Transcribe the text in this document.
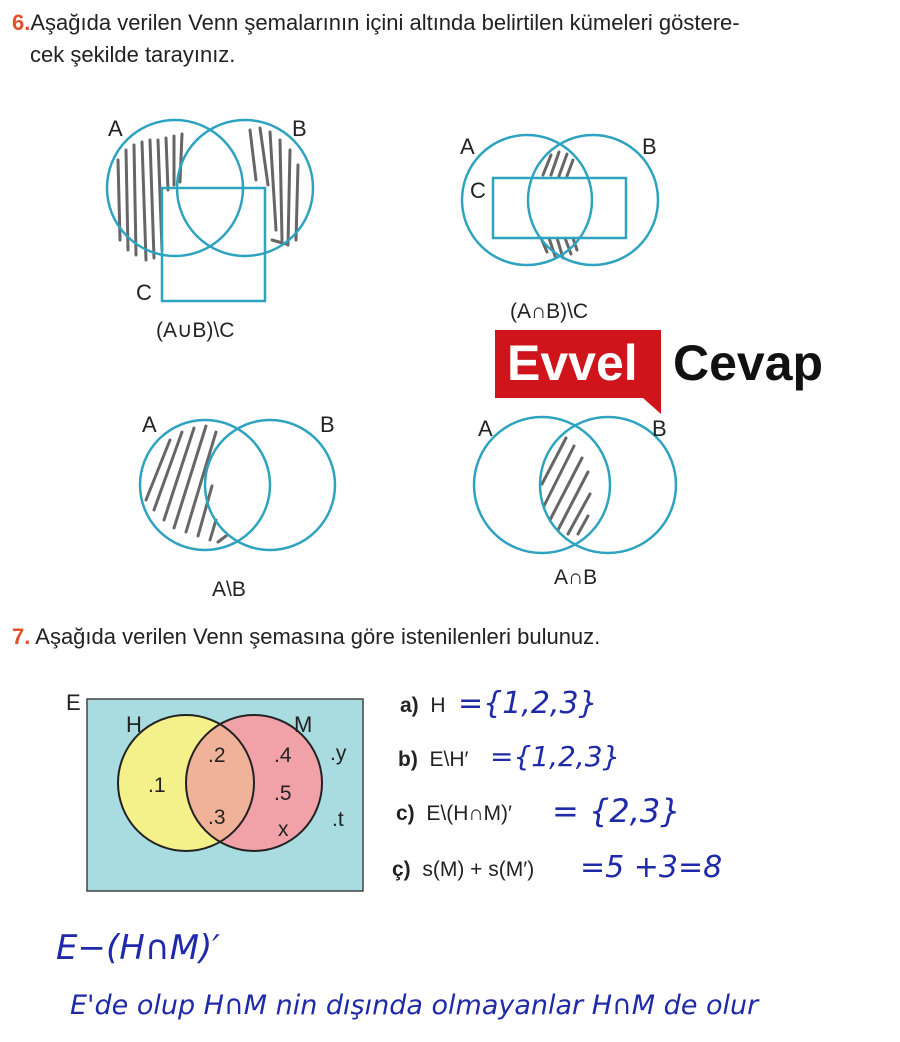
6.Aşağıda verilen Venn şemalarının içini altında belirtilen kümeleri göstere-
cek şekilde tarayınız.
A	B
C
(A∪B)\C
A	B
C
(A∩B)\C
Evvel Cevap
A	B
A\B
A	B
A∩B
7. Aşağıda verilen Venn şemasına göre istenilenleri bulunuz.
E
H	M
.1
.2
.3
.4
.5
x
.y
.t
a) H ={1,2,3}
b) E\H′ ={1,2,3}
c) E\(H∩M)′ = {2,3}
ç) s(M) + s(M′) =5 +3=8
E−(H∩M)′
E'de olup H∩M nin dışında olmayanlar H∩M de olur
